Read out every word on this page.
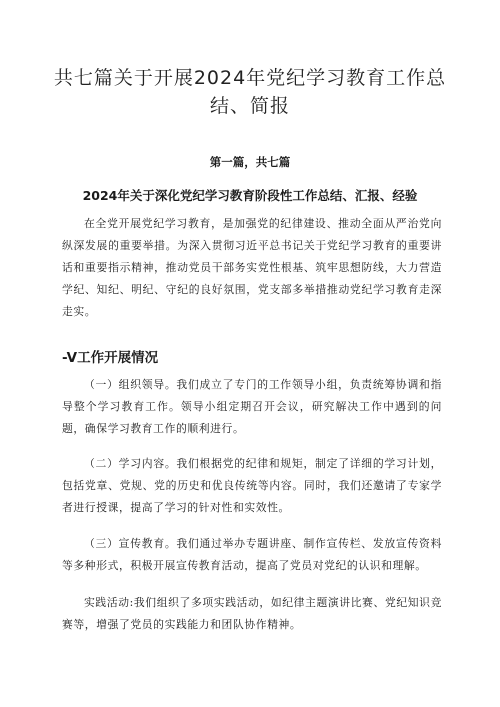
共七篇关于开展2024年党纪学习教育工作总结、简报
第一篇，共七篇
2024年关于深化党纪学习教育阶段性工作总结、汇报、经验

在全党开展党纪学习教育，是加强党的纪律建设、推动全面从严治党向纵深发展的重要举措。为深入贯彻习近平总书记关于党纪学习教育的重要讲话和重要指示精神，推动党员干部务实党性根基、筑牢思想防线，大力营造学纪、知纪、明纪、守纪的良好氛围，党支部多举措推动党纪学习教育走深走实。

-V工作开展情况

（一）组织领导。我们成立了专门的工作领导小组，负责统筹协调和指导整个学习教育工作。领导小组定期召开会议，研究解决工作中遇到的问题，确保学习教育工作的顺利进行。

（二）学习内容。我们根据党的纪律和规矩，制定了详细的学习计划，包括党章、党规、党的历史和优良传统等内容。同时，我们还邀请了专家学者进行授课，提高了学习的针对性和实效性。

（三）宣传教育。我们通过举办专题讲座、制作宣传栏、发放宣传资料等多种形式，积极开展宣传教育活动，提高了党员对党纪的认识和理解。

实践活动:我们组织了多项实践活动，如纪律主题演讲比赛、党纪知识竞赛等，增强了党员的实践能力和团队协作精神。
